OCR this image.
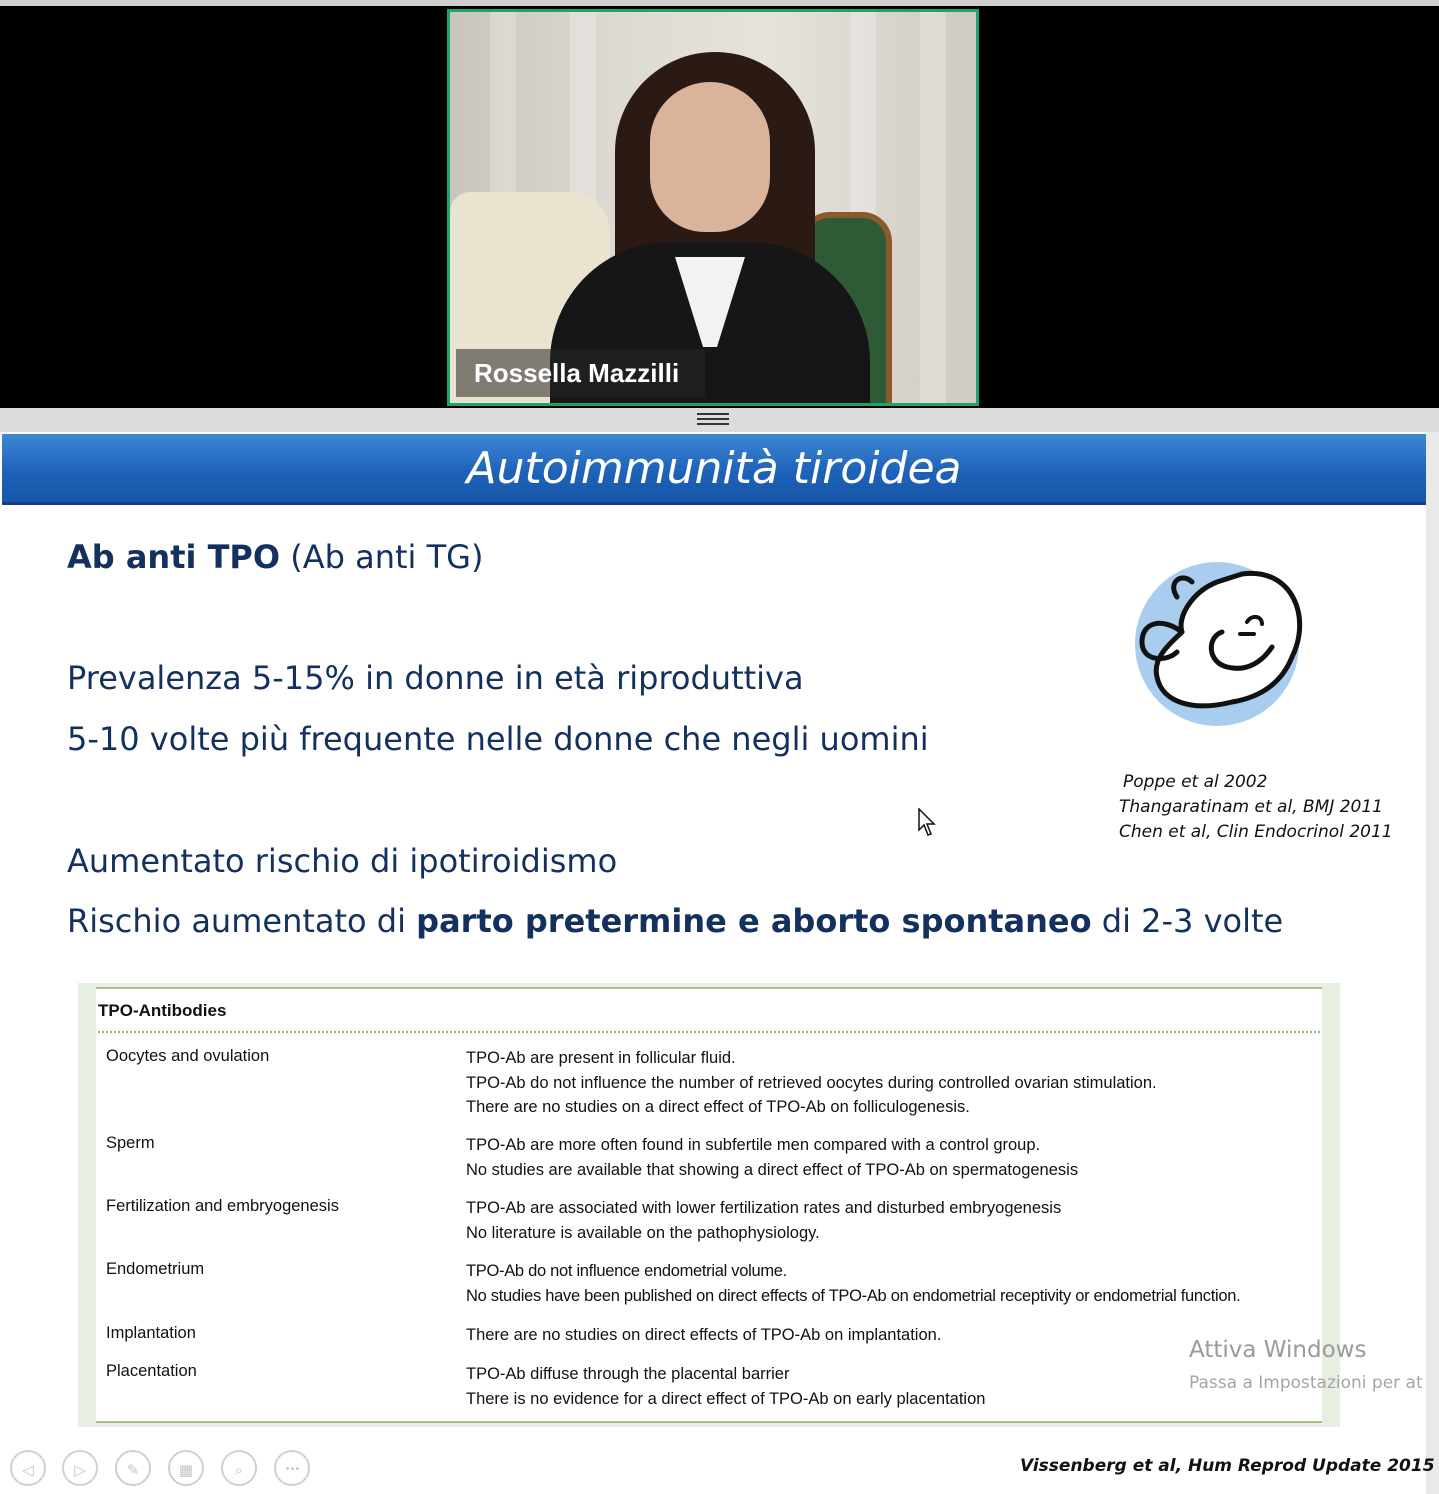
Rossella Mazzilli
Autoimmunità tiroidea
Ab anti TPO (Ab anti TG)
Prevalenza 5-15% in donne in età riproduttiva
5-10 volte più frequente nelle donne che negli uomini
Aumentato rischio di ipotiroidismo
Rischio aumentato di parto pretermine e aborto spontaneo di 2-3 volte
Poppe et al 2002
Thangaratinam et al, BMJ 2011
Chen et al, Clin Endocrinol 2011
TPO-Antibodies
Oocytes and ovulation	TPO-Ab are present in follicular fluid.
TPO-Ab do not influence the number of retrieved oocytes during controlled ovarian stimulation.
There are no studies on a direct effect of TPO-Ab on folliculogenesis.
Sperm	TPO-Ab are more often found in subfertile men compared with a control group.
No studies are available that showing a direct effect of TPO-Ab on spermatogenesis
Fertilization and embryogenesis	TPO-Ab are associated with lower fertilization rates and disturbed embryogenesis
No literature is available on the pathophysiology.
Endometrium	TPO-Ab do not influence endometrial volume.
No studies have been published on direct effects of TPO-Ab on endometrial receptivity or endometrial function.
Implantation	There are no studies on direct effects of TPO-Ab on implantation.
Placentation	TPO-Ab diffuse through the placental barrier
There is no evidence for a direct effect of TPO-Ab on early placentation
Attiva Windows
Passa a Impostazioni per at
◁	▷	✎	▦	⌕	•••	Vissenberg et al, Hum Reprod Update 2015
